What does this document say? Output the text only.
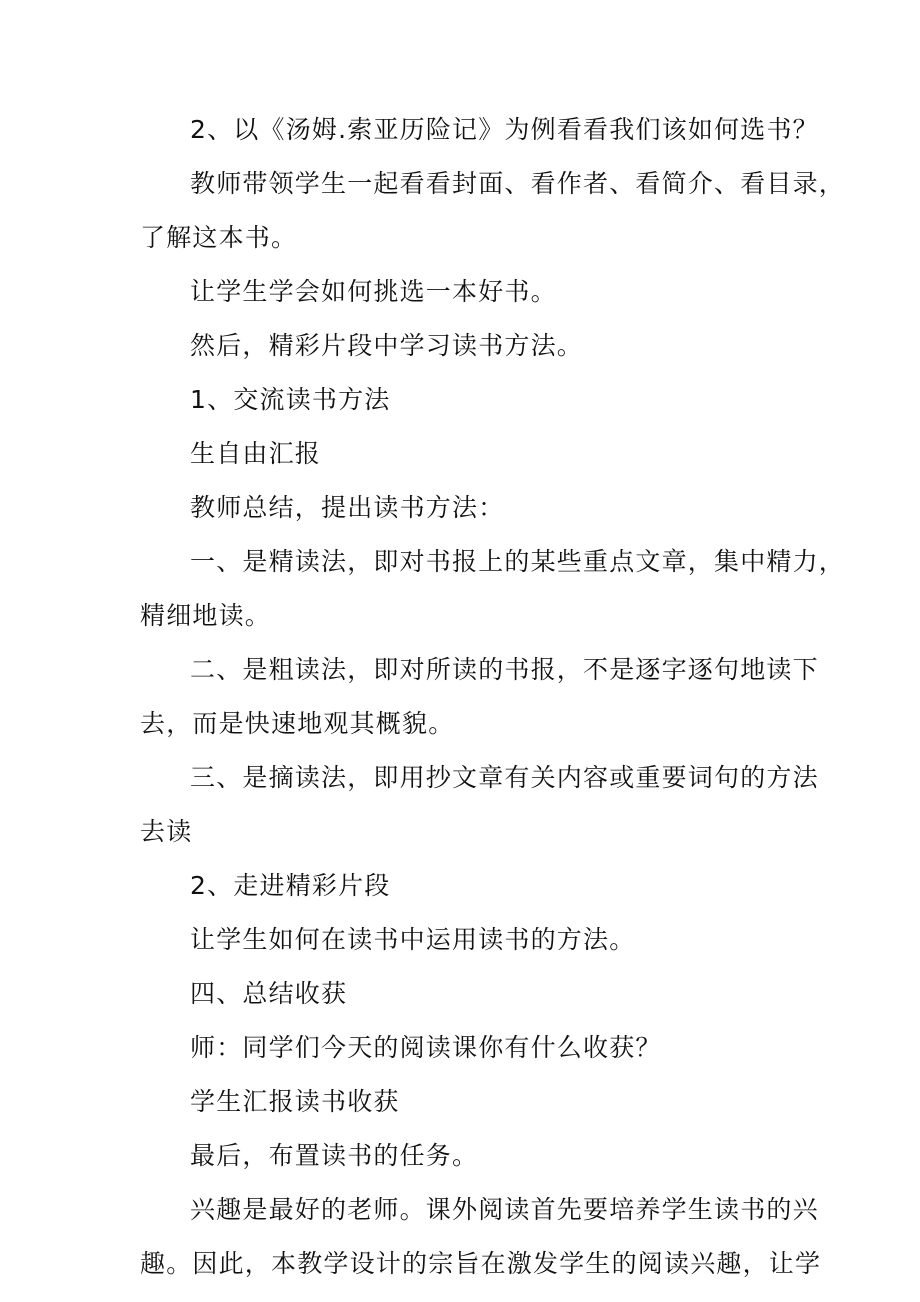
2、以《汤姆.索亚历险记》为例看看我们该如何选书？
教师带领学生一起看看封面、看作者、看简介、看目录，
了解这本书。
让学生学会如何挑选一本好书。
然后，精彩片段中学习读书方法。
1、交流读书方法
生自由汇报
教师总结，提出读书方法：
一、是精读法，即对书报上的某些重点文章，集中精力，
精细地读。
二、是粗读法，即对所读的书报，不是逐字逐句地读下
去，而是快速地观其概貌。
三、是摘读法，即用抄文章有关内容或重要词句的方法
去读
2、走进精彩片段
让学生如何在读书中运用读书的方法。
四、总结收获
师：同学们今天的阅读课你有什么收获？
学生汇报读书收获
最后，布置读书的任务。
兴趣是最好的老师。课外阅读首先要培养学生读书的兴
趣。因此，本教学设计的宗旨在激发学生的阅读兴趣，让学
